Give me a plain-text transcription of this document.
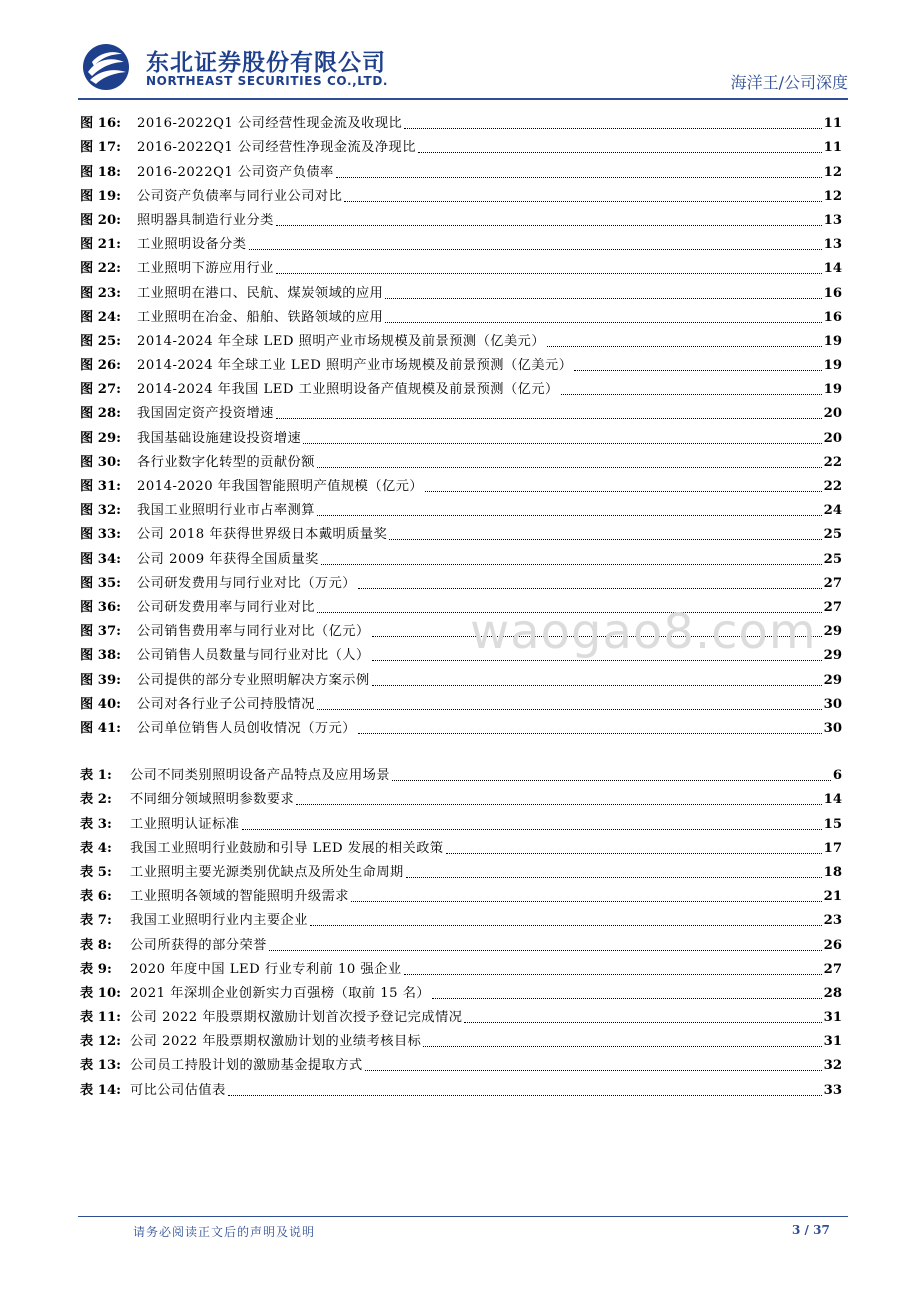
东北证券股份有限公司
NORTHEAST SECURITIES CO.,LTD.	海洋王/公司深度
图 16:	2016-2022Q1 公司经营性现金流及收现比	11
图 17:	2016-2022Q1 公司经营性净现金流及净现比	11
图 18:	2016-2022Q1 公司资产负债率	12
图 19:	公司资产负债率与同行业公司对比	12
图 20:	照明器具制造行业分类	13
图 21:	工业照明设备分类	13
图 22:	工业照明下游应用行业	14
图 23:	工业照明在港口、民航、煤炭领域的应用	16
图 24:	工业照明在冶金、船舶、铁路领域的应用	16
图 25:	2014-2024 年全球 LED 照明产业市场规模及前景预测（亿美元）	19
图 26:	2014-2024 年全球工业 LED 照明产业市场规模及前景预测（亿美元）	19
图 27:	2014-2024 年我国 LED 工业照明设备产值规模及前景预测（亿元）	19
图 28:	我国固定资产投资增速	20
图 29:	我国基础设施建设投资增速	20
图 30:	各行业数字化转型的贡献份额	22
图 31:	2014-2020 年我国智能照明产值规模（亿元）	22
图 32:	我国工业照明行业市占率测算	24
图 33:	公司 2018 年获得世界级日本戴明质量奖	25
图 34:	公司 2009 年获得全国质量奖	25
图 35:	公司研发费用与同行业对比（万元）	27
图 36:	公司研发费用率与同行业对比	27
图 37:	公司销售费用率与同行业对比（亿元）	29
图 38:	公司销售人员数量与同行业对比（人）	29
图 39:	公司提供的部分专业照明解决方案示例	29
图 40:	公司对各行业子公司持股情况	30
图 41:	公司单位销售人员创收情况（万元）	30
表 1:	公司不同类别照明设备产品特点及应用场景	6
表 2:	不同细分领域照明参数要求	14
表 3:	工业照明认证标准	15
表 4:	我国工业照明行业鼓励和引导 LED 发展的相关政策	17
表 5:	工业照明主要光源类别优缺点及所处生命周期	18
表 6:	工业照明各领域的智能照明升级需求	21
表 7:	我国工业照明行业内主要企业	23
表 8:	公司所获得的部分荣誉	26
表 9:	2020 年度中国 LED 行业专利前 10 强企业	27
表 10: 2021 年深圳企业创新实力百强榜（取前 15 名）	28
表 11: 公司 2022 年股票期权激励计划首次授予登记完成情况	31
表 12: 公司 2022 年股票期权激励计划的业绩考核目标	31
表 13: 公司员工持股计划的激励基金提取方式	32
表 14: 可比公司估值表	33
waogao8.com
请务必阅读正文后的声明及说明	3 / 37
